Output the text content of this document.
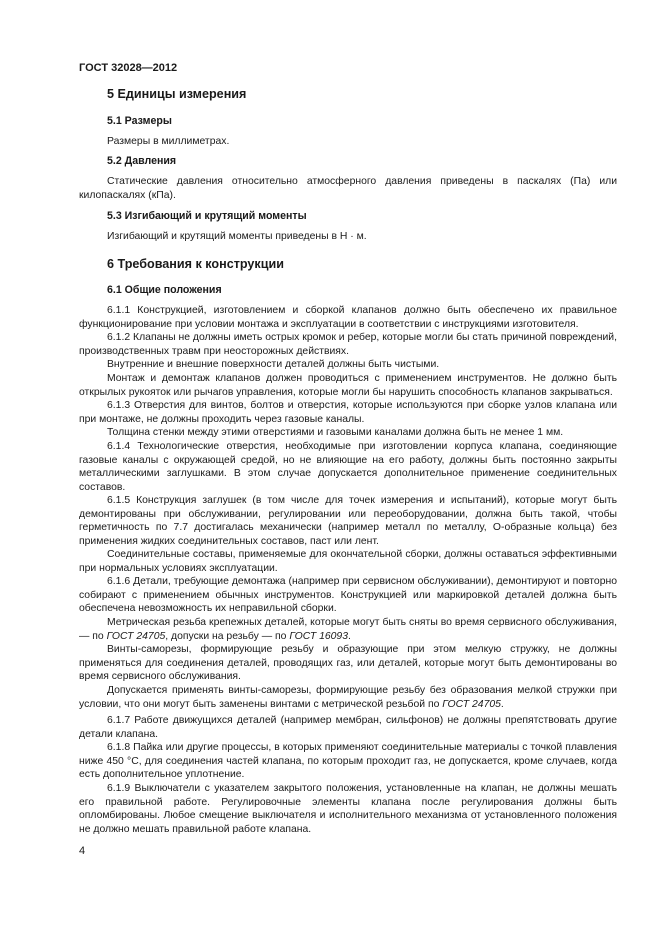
ГОСТ 32028—2012
5 Единицы измерения
5.1 Размеры

Размеры в миллиметрах.

5.2 Давления

Статические давления относительно атмосферного давления приведены в паскалях (Па) или килопаскалях (кПа).

5.3 Изгибающий и крутящий моменты

Изгибающий и крутящий моменты приведены в Н · м.

6 Требования к конструкции
6.1 Общие положения

6.1.1 Конструкцией, изготовлением и сборкой клапанов должно быть обеспечено их правильное функционирование при условии монтажа и эксплуатации в соответствии с инструкциями изготовителя.

6.1.2 Клапаны не должны иметь острых кромок и ребер, которые могли бы стать причиной повреждений, производственных травм при неосторожных действиях.

Внутренние и внешние поверхности деталей должны быть чистыми.

Монтаж и демонтаж клапанов должен проводиться с применением инструментов. Не должно быть открылых рукояток или рычагов управления, которые могли бы нарушить способность клапанов закрываться.

6.1.3 Отверстия для винтов, болтов и отверстия, которые используются при сборке узлов клапана или при монтаже, не должны проходить через газовые каналы.

Толщина стенки между этими отверстиями и газовыми каналами должна быть не менее 1 мм.

6.1.4 Технологические отверстия, необходимые при изготовлении корпуса клапана, соединяющие газовые каналы с окружающей средой, но не влияющие на его работу, должны быть постоянно закрыты металлическими заглушками. В этом случае допускается дополнительное применение соединительных составов.

6.1.5 Конструкция заглушек (в том числе для точек измерения и испытаний), которые могут быть демонтированы при обслуживании, регулировании или переоборудовании, должна быть такой, чтобы герметичность по 7.7 достигалась механически (например металл по металлу, О-образные кольца) без применения жидких соединительных составов, паст или лент.

Соединительные составы, применяемые для окончательной сборки, должны оставаться эффективными при нормальных условиях эксплуатации.

6.1.6 Детали, требующие демонтажа (например при сервисном обслуживании), демонтируют и повторно собирают с применением обычных инструментов. Конструкцией или маркировкой деталей должна быть обеспечена невозможность их неправильной сборки.

Метрическая резьба крепежных деталей, которые могут быть сняты во время сервисного обслуживания, — по ГОСТ 24705, допуски на резьбу — по ГОСТ 16093.

Винты-саморезы, формирующие резьбу и образующие при этом мелкую стружку, не должны применяться для соединения деталей, проводящих газ, или деталей, которые могут быть демонтированы во время сервисного обслуживания.

Допускается применять винты-саморезы, формирующие резьбу без образования мелкой стружки при условии, что они могут быть заменены винтами с метрической резьбой по ГОСТ 24705.

6.1.7 Работе движущихся деталей (например мембран, сильфонов) не должны препятствовать другие детали клапана.

6.1.8 Пайка или другие процессы, в которых применяют соединительные материалы с точкой плавления ниже 450 °С, для соединения частей клапана, по которым проходит газ, не допускается, кроме случаев, когда есть дополнительное уплотнение.

6.1.9 Выключатели с указателем закрытого положения, установленные на клапан, не должны мешать его правильной работе. Регулировочные элементы клапана после регулирования должны быть опломбированы. Любое смещение выключателя и исполнительного механизма от установленного положения не должно мешать правильной работе клапана.

4
